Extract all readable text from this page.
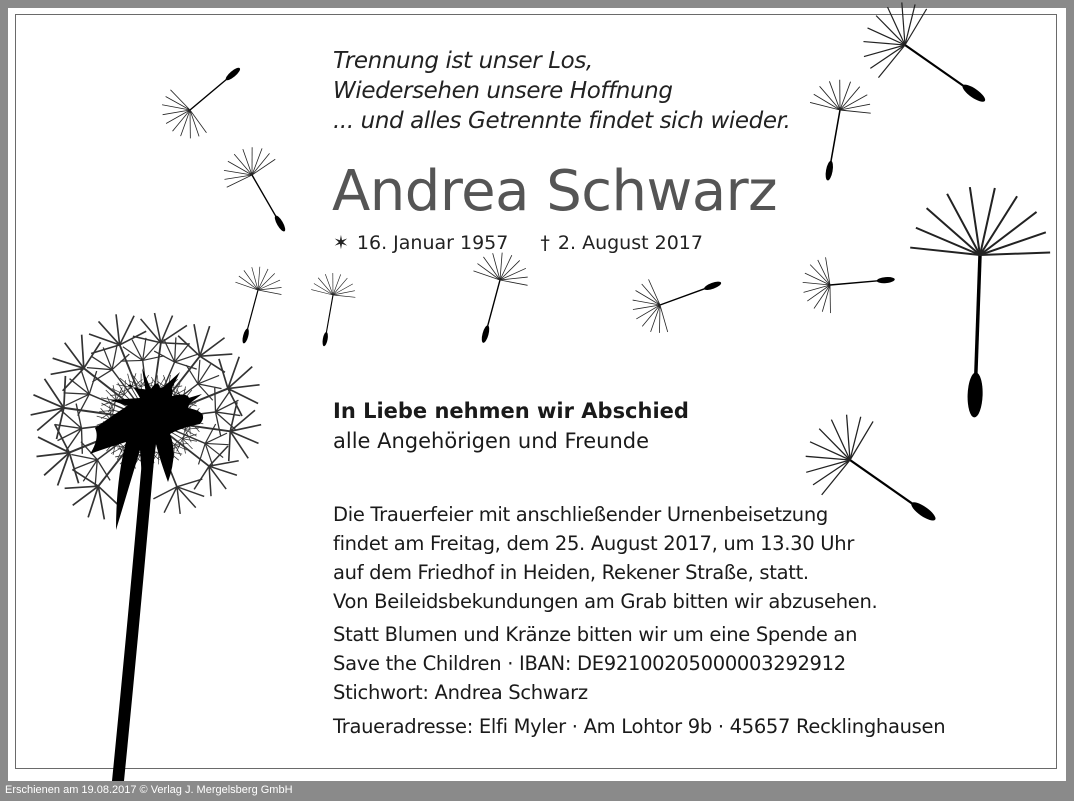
Trennung ist unser Los,
Wiedersehen unsere Hoffnung
... und alles Getrennte findet sich wieder.
Andrea Schwarz
✶ 16. Januar 1957 † 2. August 2017
In Liebe nehmen wir Abschied
alle Angehörigen und Freunde
Die Trauerfeier mit anschließender Urnenbeisetzung
findet am Freitag, dem 25. August 2017, um 13.30 Uhr
auf dem Friedhof in Heiden, Rekener Straße, statt.
Von Beileidsbekundungen am Grab bitten wir abzusehen.
Statt Blumen und Kränze bitten wir um eine Spende an
Save the Children · IBAN: DE92100205000003292912
Stichwort: Andrea Schwarz
Traueradresse: Elfi Myler · Am Lohtor 9b · 45657 Recklinghausen
Erschienen am 19.08.2017 © Verlag J. Mergelsberg GmbH
